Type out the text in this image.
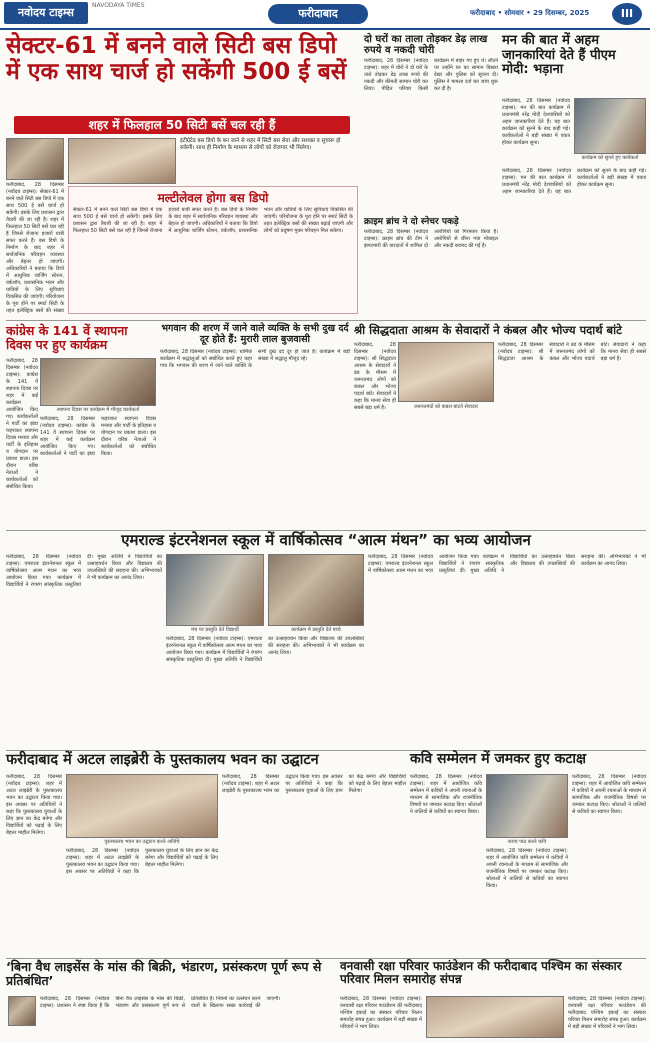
नवोदय टाइम्स
NAVODAYA TIMES
फरीदाबाद	फरीदाबाद • सोमवार • 29 दिसम्बर, 2025	III
सेक्टर-61 में बनने वाले सिटी बस डिपो में एक साथ चार्ज हो सकेंगी 500 ई बसें
शहर में फिलहाल 50 सिटी बसें चल रही हैं
फरीदाबाद, 28 दिसम्बर (नवोदय टाइम्स): सेक्टर-61 में बनने वाले सिटी बस डिपो में एक साथ 500 ई बसें चार्ज हो सकेंगी। इसके लिए प्रशासन द्वारा तैयारी की जा रही है। शहर में फिलहाल 50 सिटी बसें चल रही हैं जिनसे रोजाना हजारों यात्री सफर करते हैं। बस डिपो के निर्माण के बाद शहर में सार्वजनिक परिवहन व्यवस्था और बेहतर हो जाएगी। अधिकारियों ने बताया कि डिपो में आधुनिक चार्जिंग स्टेशन, वर्कशॉप, प्रशासनिक भवन और यात्रियों के लिए सुविधाएं विकसित की जाएंगी। परियोजना के पूरा होने पर स्मार्ट सिटी के तहत इलेक्ट्रिक बसों की संख्या
इंटीग्रेटेड बस डिपो के बन जाने से शहर में सिटी बस सेवा और सशक्त व सुचारू हो सकेगी। साथ ही निर्माण के माध्यम से लोगों को रोजगार भी मिलेगा।
मल्टीलेवल होगा बस डिपो
सेक्टर-61 में बनने वाले सिटी बस डिपो में एक साथ 500 ई बसें चार्ज हो सकेंगी। इसके लिए प्रशासन द्वारा तैयारी की जा रही है। शहर में फिलहाल 50 सिटी बसें चल रही हैं जिनसे रोजाना हजारों यात्री सफर करते हैं। बस डिपो के निर्माण के बाद शहर में सार्वजनिक परिवहन व्यवस्था और बेहतर हो जाएगी। अधिकारियों ने बताया कि डिपो में आधुनिक चार्जिंग स्टेशन, वर्कशॉप, प्रशासनिक भवन और यात्रियों के लिए सुविधाएं विकसित की जाएंगी। परियोजना के पूरा होने पर स्मार्ट सिटी के तहत इलेक्ट्रिक बसों की संख्या बढ़ाई जाएगी और लोगों को प्रदूषण मुक्त परिवहन मिल सकेगा।
दो घरों का ताला तोड़कर डेढ़ लाख रुपये व नकदी चोरी
फरीदाबाद, 28 दिसम्बर (नवोदय टाइम्स): शहर में चोरों ने दो घरों के ताले तोड़कर डेढ़ लाख रुपये की नकदी और कीमती सामान चोरी कर लिया। पीड़ित परिवार किसी कार्यक्रम में बाहर गए हुए थे। लौटने पर उन्होंने घर का सामान बिखरा देखा और पुलिस को सूचना दी। पुलिस ने मामला दर्ज कर जांच शुरू कर दी है।
क्राइम ब्रांच ने दो स्नेचर पकड़े
फरीदाबाद, 28 दिसम्बर (नवोदय टाइम्स): क्राइम ब्रांच की टीम ने झपटमारी की वारदातों में शामिल दो आरोपियों को गिरफ्तार किया है। आरोपियों से छीना गया मोबाइल और नकदी बरामद की गई है।
मन की बात में अहम जानकारियां देते हैं पीएम मोदी: भड़ाना
कार्यक्रम को सुनते हुए कार्यकर्ता
फरीदाबाद, 28 दिसम्बर (नवोदय टाइम्स): मन की बात कार्यक्रम में प्रधानमंत्री नरेंद्र मोदी देशवासियों को अहम जानकारियां देते हैं। यह बात कार्यक्रम को सुनने के बाद कही गई। कार्यकर्ताओं ने बड़ी संख्या में एकत्र होकर कार्यक्रम सुना।
फरीदाबाद, 28 दिसम्बर (नवोदय टाइम्स): मन की बात कार्यक्रम में प्रधानमंत्री नरेंद्र मोदी देशवासियों को अहम जानकारियां देते हैं। यह बात कार्यक्रम को सुनने के बाद कही गई। कार्यकर्ताओं ने बड़ी संख्या में एकत्र होकर कार्यक्रम सुना।
कांग्रेस के 141 वें स्थापना दिवस पर हुए कार्यक्रम
स्थापना दिवस पर कार्यक्रम में मौजूद कार्यकर्ता
फरीदाबाद, 28 दिसम्बर (नवोदय टाइम्स): कांग्रेस के 141 वें स्थापना दिवस पर शहर में कई कार्यक्रम आयोजित किए गए। कार्यकर्ताओं ने पार्टी का झंडा फहराकर स्थापना दिवस मनाया और पार्टी के इतिहास व योगदान पर प्रकाश डाला। इस दौरान वरिष्ठ नेताओं ने कार्यकर्ताओं को संबोधित किया।
फरीदाबाद, 28 दिसम्बर (नवोदय टाइम्स): कांग्रेस के 141 वें स्थापना दिवस पर शहर में कई कार्यक्रम आयोजित किए गए। कार्यकर्ताओं ने पार्टी का झंडा फहराकर स्थापना दिवस मनाया और पार्टी के इतिहास व योगदान पर प्रकाश डाला। इस दौरान वरिष्ठ नेताओं ने कार्यकर्ताओं को संबोधित किया।
भगवान की शरण में जाने वाले व्यक्ति के सभी दुख दर्द दूर होते हैं: मुरारी लाल बुजवासी
फरीदाबाद, 28 दिसम्बर (नवोदय टाइम्स): धार्मिक कार्यक्रम में श्रद्धालुओं को संबोधित करते हुए कहा गया कि भगवान की शरण में जाने वाले व्यक्ति के सभी दुख दर्द दूर हो जाते हैं। कार्यक्रम में बड़ी संख्या में श्रद्धालु मौजूद रहे।
श्री सिद्धदाता आश्रम के सेवादारों ने कंबल और भोज्य पदार्थ बांटे
जरूरतमंदों को कंबल बांटते सेवादार
फरीदाबाद, 28 दिसम्बर (नवोदय टाइम्स): श्री सिद्धदाता आश्रम के सेवादारों ने ठंड के मौसम में जरूरतमंद लोगों को कंबल और भोज्य पदार्थ बांटे। सेवादारों ने कहा कि मानव सेवा ही सबसे बड़ा धर्म है।
फरीदाबाद, 28 दिसम्बर (नवोदय टाइम्स): श्री सिद्धदाता आश्रम के सेवादारों ने ठंड के मौसम में जरूरतमंद लोगों को कंबल और भोज्य पदार्थ बांटे। सेवादारों ने कहा कि मानव सेवा ही सबसे बड़ा धर्म है।
एमराल्ड इंटरनेशनल स्कूल में वार्षिकोत्सव “आत्म मंथन” का भव्य आयोजन
फरीदाबाद, 28 दिसम्बर (नवोदय टाइम्स): एमराल्ड इंटरनेशनल स्कूल में वार्षिकोत्सव आत्म मंथन का भव्य आयोजन किया गया। कार्यक्रम में विद्यार्थियों ने रंगारंग सांस्कृतिक प्रस्तुतियां दीं। मुख्य अतिथि ने विद्यार्थियों का उत्साहवर्धन किया और विद्यालय की उपलब्धियों की सराहना की। अभिभावकों ने भी कार्यक्रम का आनंद लिया।
मंच पर प्रस्तुति देते विद्यार्थी	कार्यक्रम में प्रस्तुति देते बच्चे
फरीदाबाद, 28 दिसम्बर (नवोदय टाइम्स): एमराल्ड इंटरनेशनल स्कूल में वार्षिकोत्सव आत्म मंथन का भव्य आयोजन किया गया। कार्यक्रम में विद्यार्थियों ने रंगारंग सांस्कृतिक प्रस्तुतियां दीं। मुख्य अतिथि ने विद्यार्थियों का उत्साहवर्धन किया और विद्यालय की उपलब्धियों की सराहना की। अभिभावकों ने भी कार्यक्रम का आनंद लिया।
फरीदाबाद, 28 दिसम्बर (नवोदय टाइम्स): एमराल्ड इंटरनेशनल स्कूल में वार्षिकोत्सव आत्म मंथन का भव्य आयोजन किया गया। कार्यक्रम में विद्यार्थियों ने रंगारंग सांस्कृतिक प्रस्तुतियां दीं। मुख्य अतिथि ने विद्यार्थियों का उत्साहवर्धन किया और विद्यालय की उपलब्धियों की सराहना की। अभिभावकों ने भी कार्यक्रम का आनंद लिया।
फरीदाबाद में अटल लाइब्रेरी के पुस्तकालय भवन का उद्घाटन
फरीदाबाद, 28 दिसम्बर (नवोदय टाइम्स): शहर में अटल लाइब्रेरी के पुस्तकालय भवन का उद्घाटन किया गया। इस अवसर पर अतिथियों ने कहा कि पुस्तकालय युवाओं के लिए ज्ञान का केंद्र बनेगा और विद्यार्थियों को पढ़ाई के लिए बेहतर माहौल मिलेगा।
पुस्तकालय भवन का उद्घाटन करते अतिथि
फरीदाबाद, 28 दिसम्बर (नवोदय टाइम्स): शहर में अटल लाइब्रेरी के पुस्तकालय भवन का उद्घाटन किया गया। इस अवसर पर अतिथियों ने कहा कि पुस्तकालय युवाओं के लिए ज्ञान का केंद्र बनेगा और विद्यार्थियों को पढ़ाई के लिए बेहतर माहौल मिलेगा।
फरीदाबाद, 28 दिसम्बर (नवोदय टाइम्स): शहर में अटल लाइब्रेरी के पुस्तकालय भवन का उद्घाटन किया गया। इस अवसर पर अतिथियों ने कहा कि पुस्तकालय युवाओं के लिए ज्ञान का केंद्र बनेगा और विद्यार्थियों को पढ़ाई के लिए बेहतर माहौल मिलेगा।
कवि सम्मेलन में जमकर हुए कटाक्ष
फरीदाबाद, 28 दिसम्बर (नवोदय टाइम्स): शहर में आयोजित कवि सम्मेलन में कवियों ने अपनी रचनाओं के माध्यम से सामाजिक और राजनीतिक विषयों पर जमकर कटाक्ष किए। श्रोताओं ने तालियों से कवियों का स्वागत किया।
काव्य पाठ करते कवि
फरीदाबाद, 28 दिसम्बर (नवोदय टाइम्स): शहर में आयोजित कवि सम्मेलन में कवियों ने अपनी रचनाओं के माध्यम से सामाजिक और राजनीतिक विषयों पर जमकर कटाक्ष किए। श्रोताओं ने तालियों से कवियों का स्वागत किया।
फरीदाबाद, 28 दिसम्बर (नवोदय टाइम्स): शहर में आयोजित कवि सम्मेलन में कवियों ने अपनी रचनाओं के माध्यम से सामाजिक और राजनीतिक विषयों पर जमकर कटाक्ष किए। श्रोताओं ने तालियों से कवियों का स्वागत किया।
‘बिना वैध लाइसेंस के मांस की बिक्री, भंडारण, प्रसंस्करण पूर्ण रूप से प्रतिबंधित’
फरीदाबाद, 28 दिसम्बर (नवोदय टाइम्स): प्रशासन ने स्पष्ट किया है कि बिना वैध लाइसेंस के मांस की बिक्री, भंडारण और प्रसंस्करण पूर्ण रूप से प्रतिबंधित है। नियमों का उल्लंघन करने वालों के खिलाफ सख्त कार्रवाई की जाएगी।
वनवासी रक्षा परिवार फाउंडेशन की फरीदाबाद पश्चिम का संस्कार परिवार मिलन समारोह संपन्न
फरीदाबाद, 28 दिसम्बर (नवोदय टाइम्स): वनवासी रक्षा परिवार फाउंडेशन की फरीदाबाद पश्चिम इकाई का संस्कार परिवार मिलन समारोह संपन्न हुआ। कार्यक्रम में बड़ी संख्या में परिवारों ने भाग लिया।
फरीदाबाद, 28 दिसम्बर (नवोदय टाइम्स): वनवासी रक्षा परिवार फाउंडेशन की फरीदाबाद पश्चिम इकाई का संस्कार परिवार मिलन समारोह संपन्न हुआ। कार्यक्रम में बड़ी संख्या में परिवारों ने भाग लिया।
